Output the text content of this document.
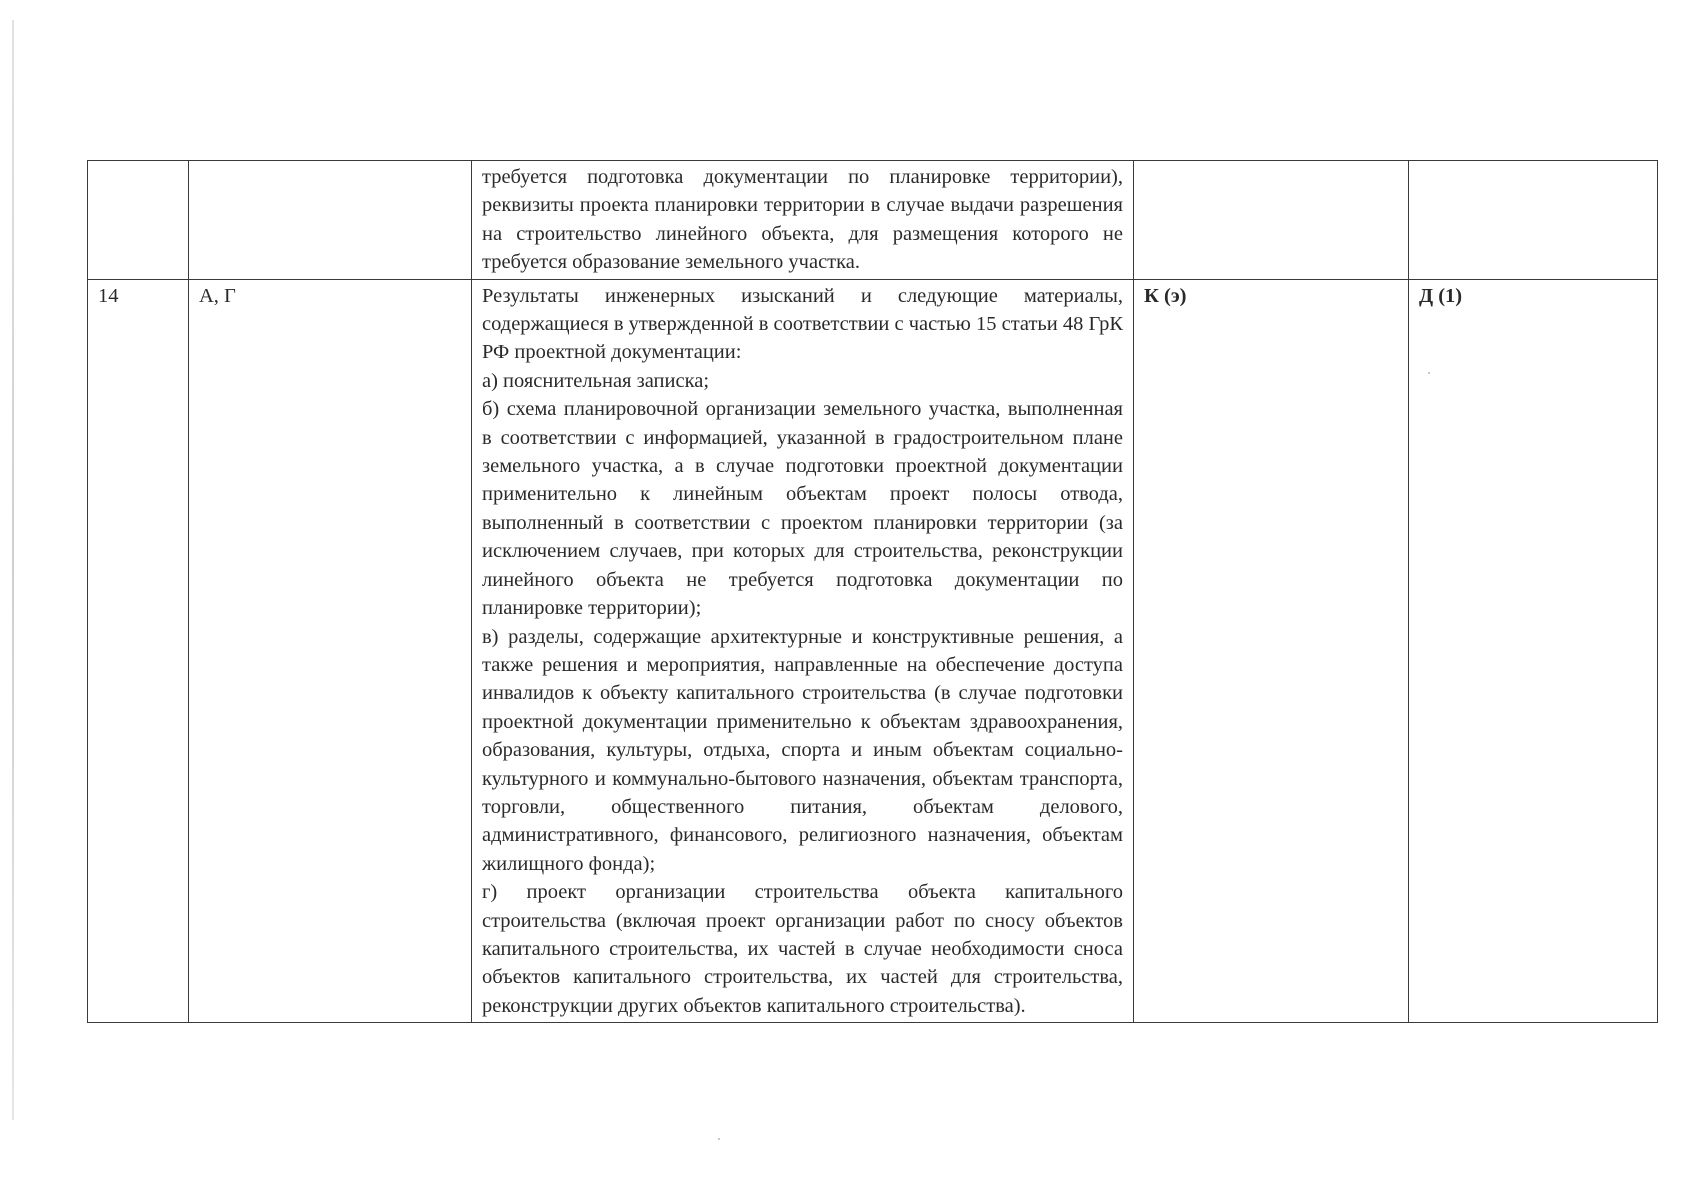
		требуется подготовка документации по планировке территории), реквизиты проекта планировки территории в случае выдачи разрешения на строительство линейного объекта, для размещения которого не требуется образование земельного участка.		

14	А, Г	Результаты инженерных изысканий и следующие материалы, содержащиеся в утвержденной в соответствии с частью 15 статьи 48 ГрК РФ проектной документации:
а) пояснительная записка;
б) схема планировочной организации земельного участка, выполненная в соответствии с информацией, указанной в градостроительном плане земельного участка, а в случае подготовки проектной документации применительно к линейным объектам проект полосы отвода, выполненный в соответствии с проектом планировки территории (за исключением случаев, при которых для строительства, реконструкции линейного объекта не требуется подготовка документации по планировке территории);
в) разделы, содержащие архитектурные и конструктивные решения, а также решения и мероприятия, направленные на обеспечение доступа инвалидов к объекту капитального строительства (в случае подготовки проектной документации применительно к объектам здравоохранения, образования, культуры, отдыха, спорта и иным объектам социально-культурного и коммунально-бытового назначения, объектам транспорта, торговли, общественного питания, объектам делового, административного, финансового, религиозного назначения, объектам жилищного фонда);
г) проект организации строительства объекта капитального строительства (включая проект организации работ по сносу объектов капитального строительства, их частей в случае необходимости сноса объектов капитального строительства, их частей для строительства, реконструкции других объектов капитального строительства).	К (э)	Д (1)
